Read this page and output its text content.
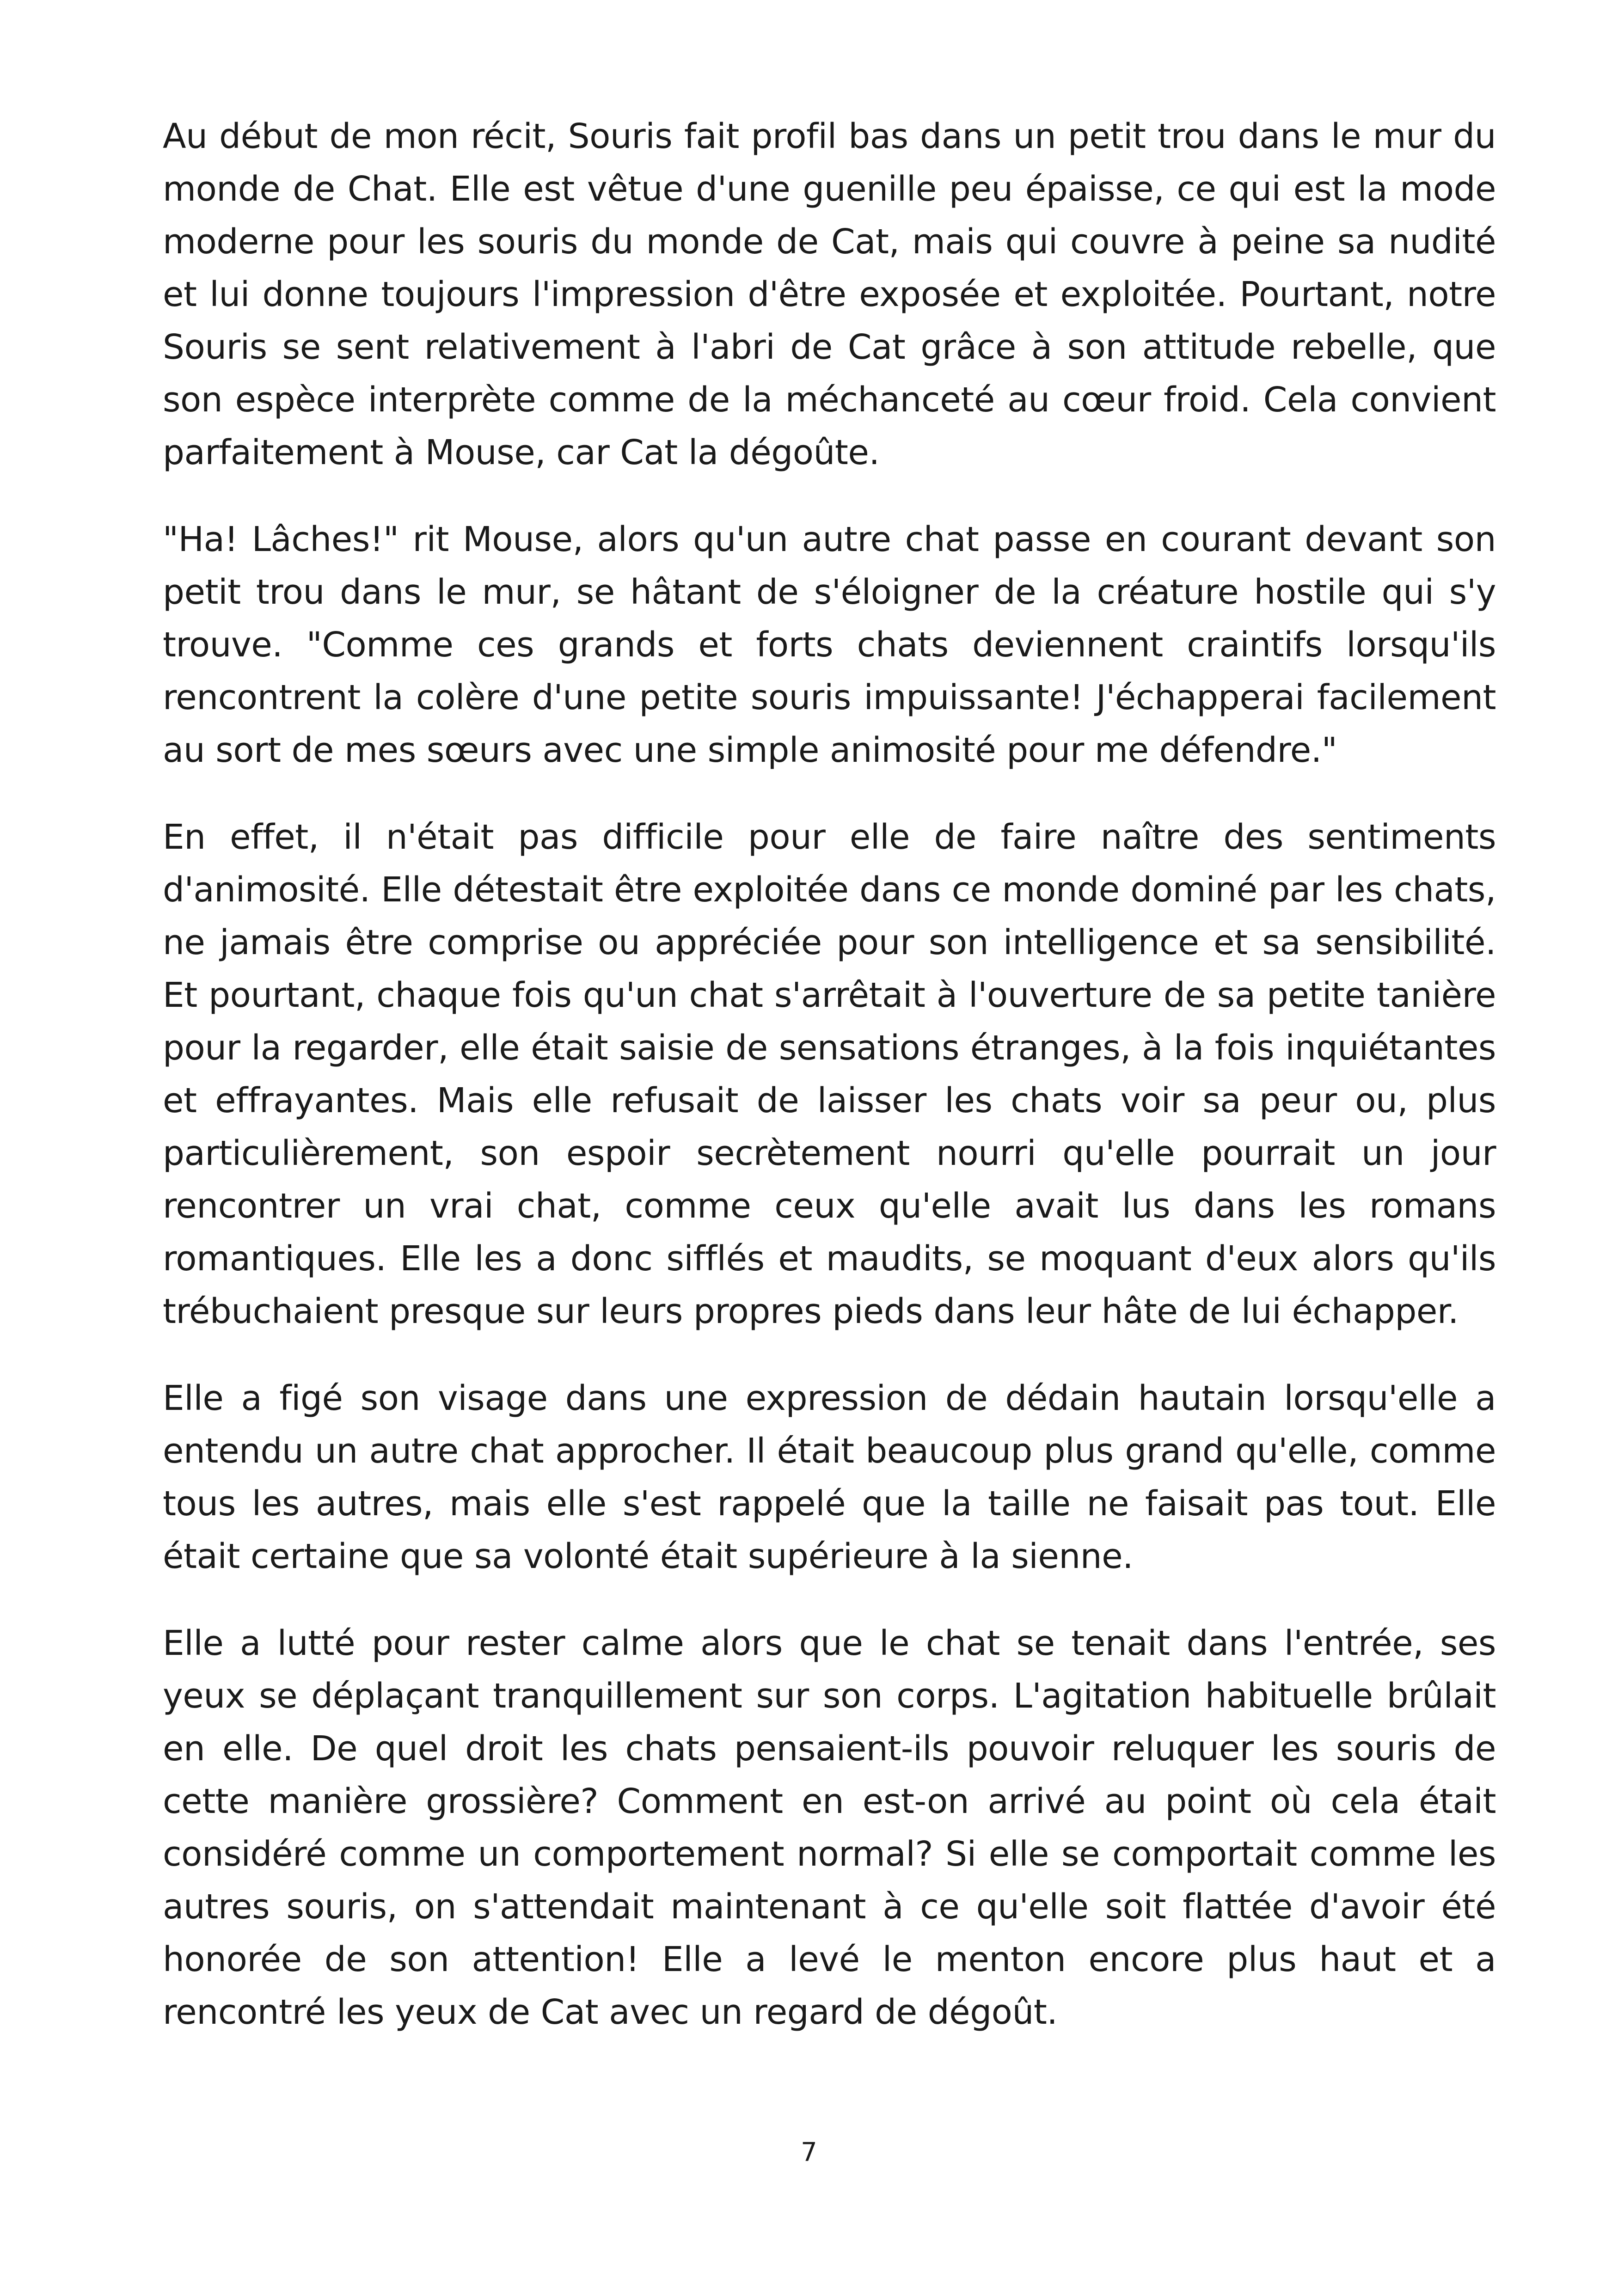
Au début de mon récit, Souris fait profil bas dans un petit trou dans le mur du monde de Chat. Elle est vêtue d'une guenille peu épaisse, ce qui est la mode moderne pour les souris du monde de Cat, mais qui couvre à peine sa nudité et lui donne toujours l'impression d'être exposée et exploitée. Pourtant, notre Souris se sent relativement à l'abri de Cat grâce à son attitude rebelle, que son espèce interprète comme de la méchanceté au cœur froid. Cela convient parfaitement à Mouse, car Cat la dégoûte.

"Ha! Lâches!" rit Mouse, alors qu'un autre chat passe en courant devant son petit trou dans le mur, se hâtant de s'éloigner de la créature hostile qui s'y trouve. "Comme ces grands et forts chats deviennent craintifs lorsqu'ils rencontrent la colère d'une petite souris impuissante! J'échapperai facilement au sort de mes sœurs avec une simple animosité pour me défendre."

En effet, il n'était pas difficile pour elle de faire naître des sentiments d'animosité. Elle détestait être exploitée dans ce monde dominé par les chats, ne jamais être comprise ou appréciée pour son intelligence et sa sensibilité. Et pourtant, chaque fois qu'un chat s'arrêtait à l'ouverture de sa petite tanière pour la regarder, elle était saisie de sensations étranges, à la fois inquiétantes et effrayantes. Mais elle refusait de laisser les chats voir sa peur ou, plus particulièrement, son espoir secrètement nourri qu'elle pourrait un jour rencontrer un vrai chat, comme ceux qu'elle avait lus dans les romans romantiques. Elle les a donc sifflés et maudits, se moquant d'eux alors qu'ils trébuchaient presque sur leurs propres pieds dans leur hâte de lui échapper.

Elle a figé son visage dans une expression de dédain hautain lorsqu'elle a entendu un autre chat approcher. Il était beaucoup plus grand qu'elle, comme tous les autres, mais elle s'est rappelé que la taille ne faisait pas tout. Elle était certaine que sa volonté était supérieure à la sienne.

Elle a lutté pour rester calme alors que le chat se tenait dans l'entrée, ses yeux se déplaçant tranquillement sur son corps. L'agitation habituelle brûlait en elle. De quel droit les chats pensaient-ils pouvoir reluquer les souris de cette manière grossière? Comment en est-on arrivé au point où cela était considéré comme un comportement normal? Si elle se comportait comme les autres souris, on s'attendait maintenant à ce qu'elle soit flattée d'avoir été honorée de son attention! Elle a levé le menton encore plus haut et a rencontré les yeux de Cat avec un regard de dégoût.

7
